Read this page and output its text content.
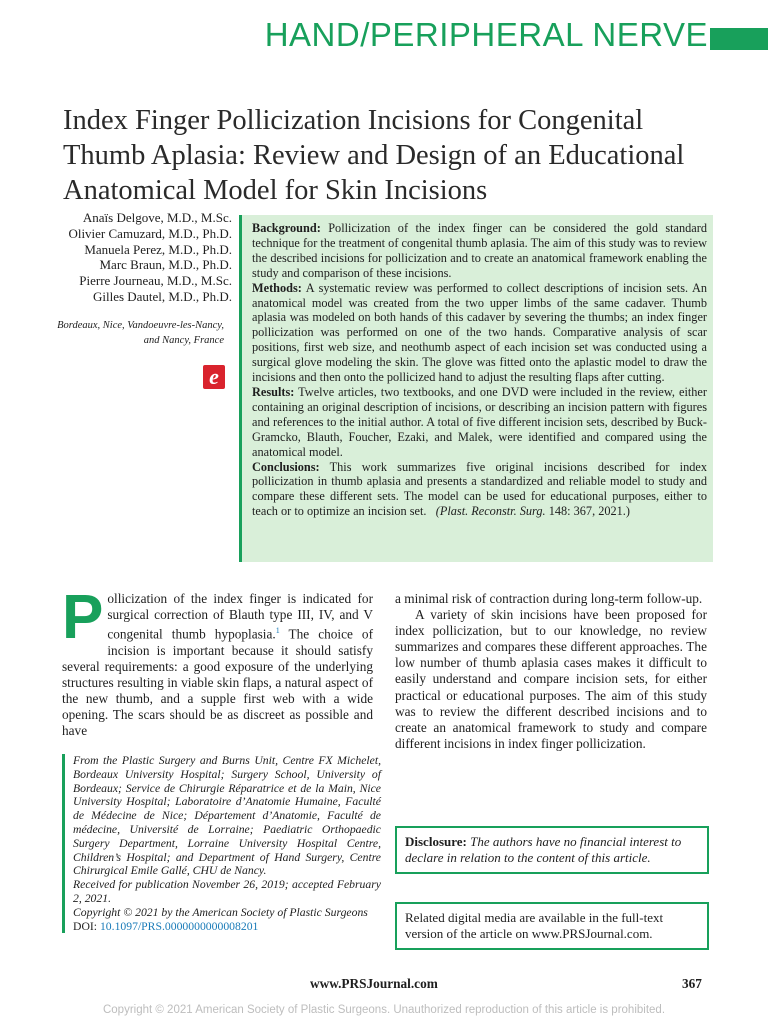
HAND/PERIPHERAL NERVE
Index Finger Pollicization Incisions for Congenital Thumb Aplasia: Review and Design of an Educational Anatomical Model for Skin Incisions
Anaïs Delgove, M.D., M.Sc.
Olivier Camuzard, M.D., Ph.D.
Manuela Perez, M.D., Ph.D.
Marc Braun, M.D., Ph.D.
Pierre Journeau, M.D., M.Sc.
Gilles Dautel, M.D., Ph.D.
Bordeaux, Nice, Vandoeuvre-les-Nancy,
and Nancy, France
e

Background: Pollicization of the index finger can be considered the gold standard technique for the treatment of congenital thumb aplasia. The aim of this study was to review the described incisions for pollicization and to create an anatomical framework enabling the study and comparison of these incisions.

Methods: A systematic review was performed to collect descriptions of incision sets. An anatomical model was created from the two upper limbs of the same cadaver. Thumb aplasia was modeled on both hands of this cadaver by severing the thumbs; an index finger pollicization was performed on one of the two hands. Comparative analysis of scar positions, first web size, and neothumb aspect of each incision set was conducted using a surgical glove modeling the skin. The glove was fitted onto the aplastic model to draw the incisions and then onto the pollicized hand to adjust the resulting flaps after cutting.

Results: Twelve articles, two textbooks, and one DVD were included in the review, either containing an original description of incisions, or describing an incision pattern with figures and references to the initial author. A total of five different incision sets, described by Buck-Gramcko, Blauth, Foucher, Ezaki, and Malek, were identified and compared using the anatomical model.

Conclusions: This work summarizes five original incisions described for index pollicization in thumb aplasia and presents a standardized and reliable model to study and compare these different sets. The model can be used for educational purposes, either to teach or to optimize an incision set. (Plast. Reconstr. Surg. 148: 367, 2021.)

Pollicization of the index finger is indicated for surgical correction of Blauth type III, IV, and V congenital thumb hypoplasia.$^1$ The choice of incision is important because it should satisfy several requirements: a good exposure of the underlying structures resulting in viable skin flaps, a natural aspect of the new thumb, and a supple first web with a wide opening. The scars should be as discreet as possible and have

From the Plastic Surgery and Burns Unit, Centre FX Michelet, Bordeaux University Hospital; Surgery School, University of Bordeaux; Service de Chirurgie Réparatrice et de la Main, Nice University Hospital; Laboratoire d’Anatomie Humaine, Faculté de Médecine de Nice; Département d’Anatomie, Faculté de médecine, Université de Lorraine; Paediatric Orthopaedic Surgery Department, Lorraine University Hospital Centre, Children’s Hospital; and Department of Hand Surgery, Centre Chirurgical Emile Gallé, CHU de Nancy.

Received for publication November 26, 2019; accepted February 2, 2021.

Copyright © 2021 by the American Society of Plastic Surgeons

DOI: 10.1097/PRS.0000000000008201

a minimal risk of contraction during long-term follow-up.

A variety of skin incisions have been proposed for index pollicization, but to our knowledge, no review summarizes and compares these different approaches. The low number of thumb aplasia cases makes it difficult to easily understand and compare incision sets, for either practical or educational purposes. The aim of this study was to review the different described incisions and to create an anatomical framework to study and compare different incisions in index finger pollicization.

Disclosure: The authors have no financial interest to declare in relation to the content of this article.
Related digital media are available in the full-text version of the article on www.PRSJournal.com.
www.PRSJournal.com	367
Copyright © 2021 American Society of Plastic Surgeons. Unauthorized reproduction of this article is prohibited.
